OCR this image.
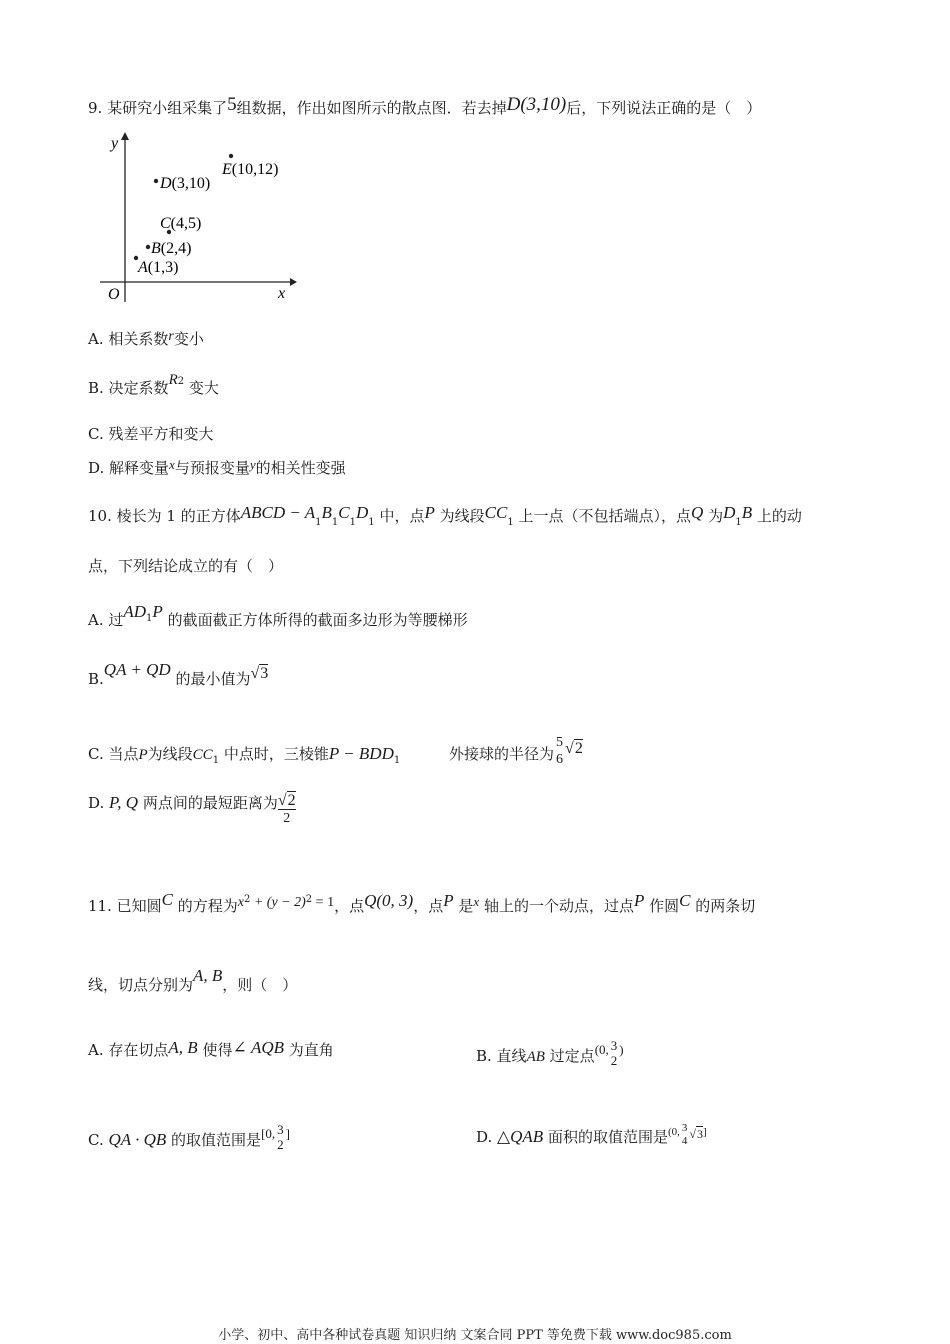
9. 某研究小组采集了5组数据，作出如图所示的散点图．若去掉D(3,10)后，下列说法正确的是（　）
x
y
O
A(1,3)
B(2,4)
C(4,5)
D(3,10)
E(10,12)
A. 相关系数r变小
B. 决定系数$R^2$ 变大
C. 残差平方和变大
D. 解释变量x与预报变量y的相关性变强
10. 棱长为 1 的正方体ABCD − $A_1B_1C_1D_1$ 中，点P 为线段$CC_1$ 上一点（不包括端点），点Q 为$D_1B$ 上的动
点，下列结论成立的有（　）
A. 过$AD^1P$ 的截面截正方体所得的截面多边形为等腰梯形
B.QA + QD 的最小值为√3
C. 当点P为线段$CC_1$ 中点时，三棱锥$P - BDD_1$	外接球的半径为
5
6
√2
D. P, Q 两点间的最短距离为 $\frac{√2}{2}$
11. 已知圆C 的方程为$x^2 + (y - 2)^2 = 1$，点Q(0, 3)，点P 是x 轴上的一个动点，过点P 作圆C 的两条切
线，切点分别为A, B，则（　）
A. 存在切点A, B 使得∠ AQB 为直角	B. 直线AB 过定点(0, 3
2
)
C. QA · QB 的取值范围是[0, 3
2
]	D. △QAB 面积的取值范围是$^{(0,}$ 3
4 $^{√3]}$
小学、初中、高中各种试卷真题 知识归纳 文案合同 PPT 等免费下载 www.doc985.com
